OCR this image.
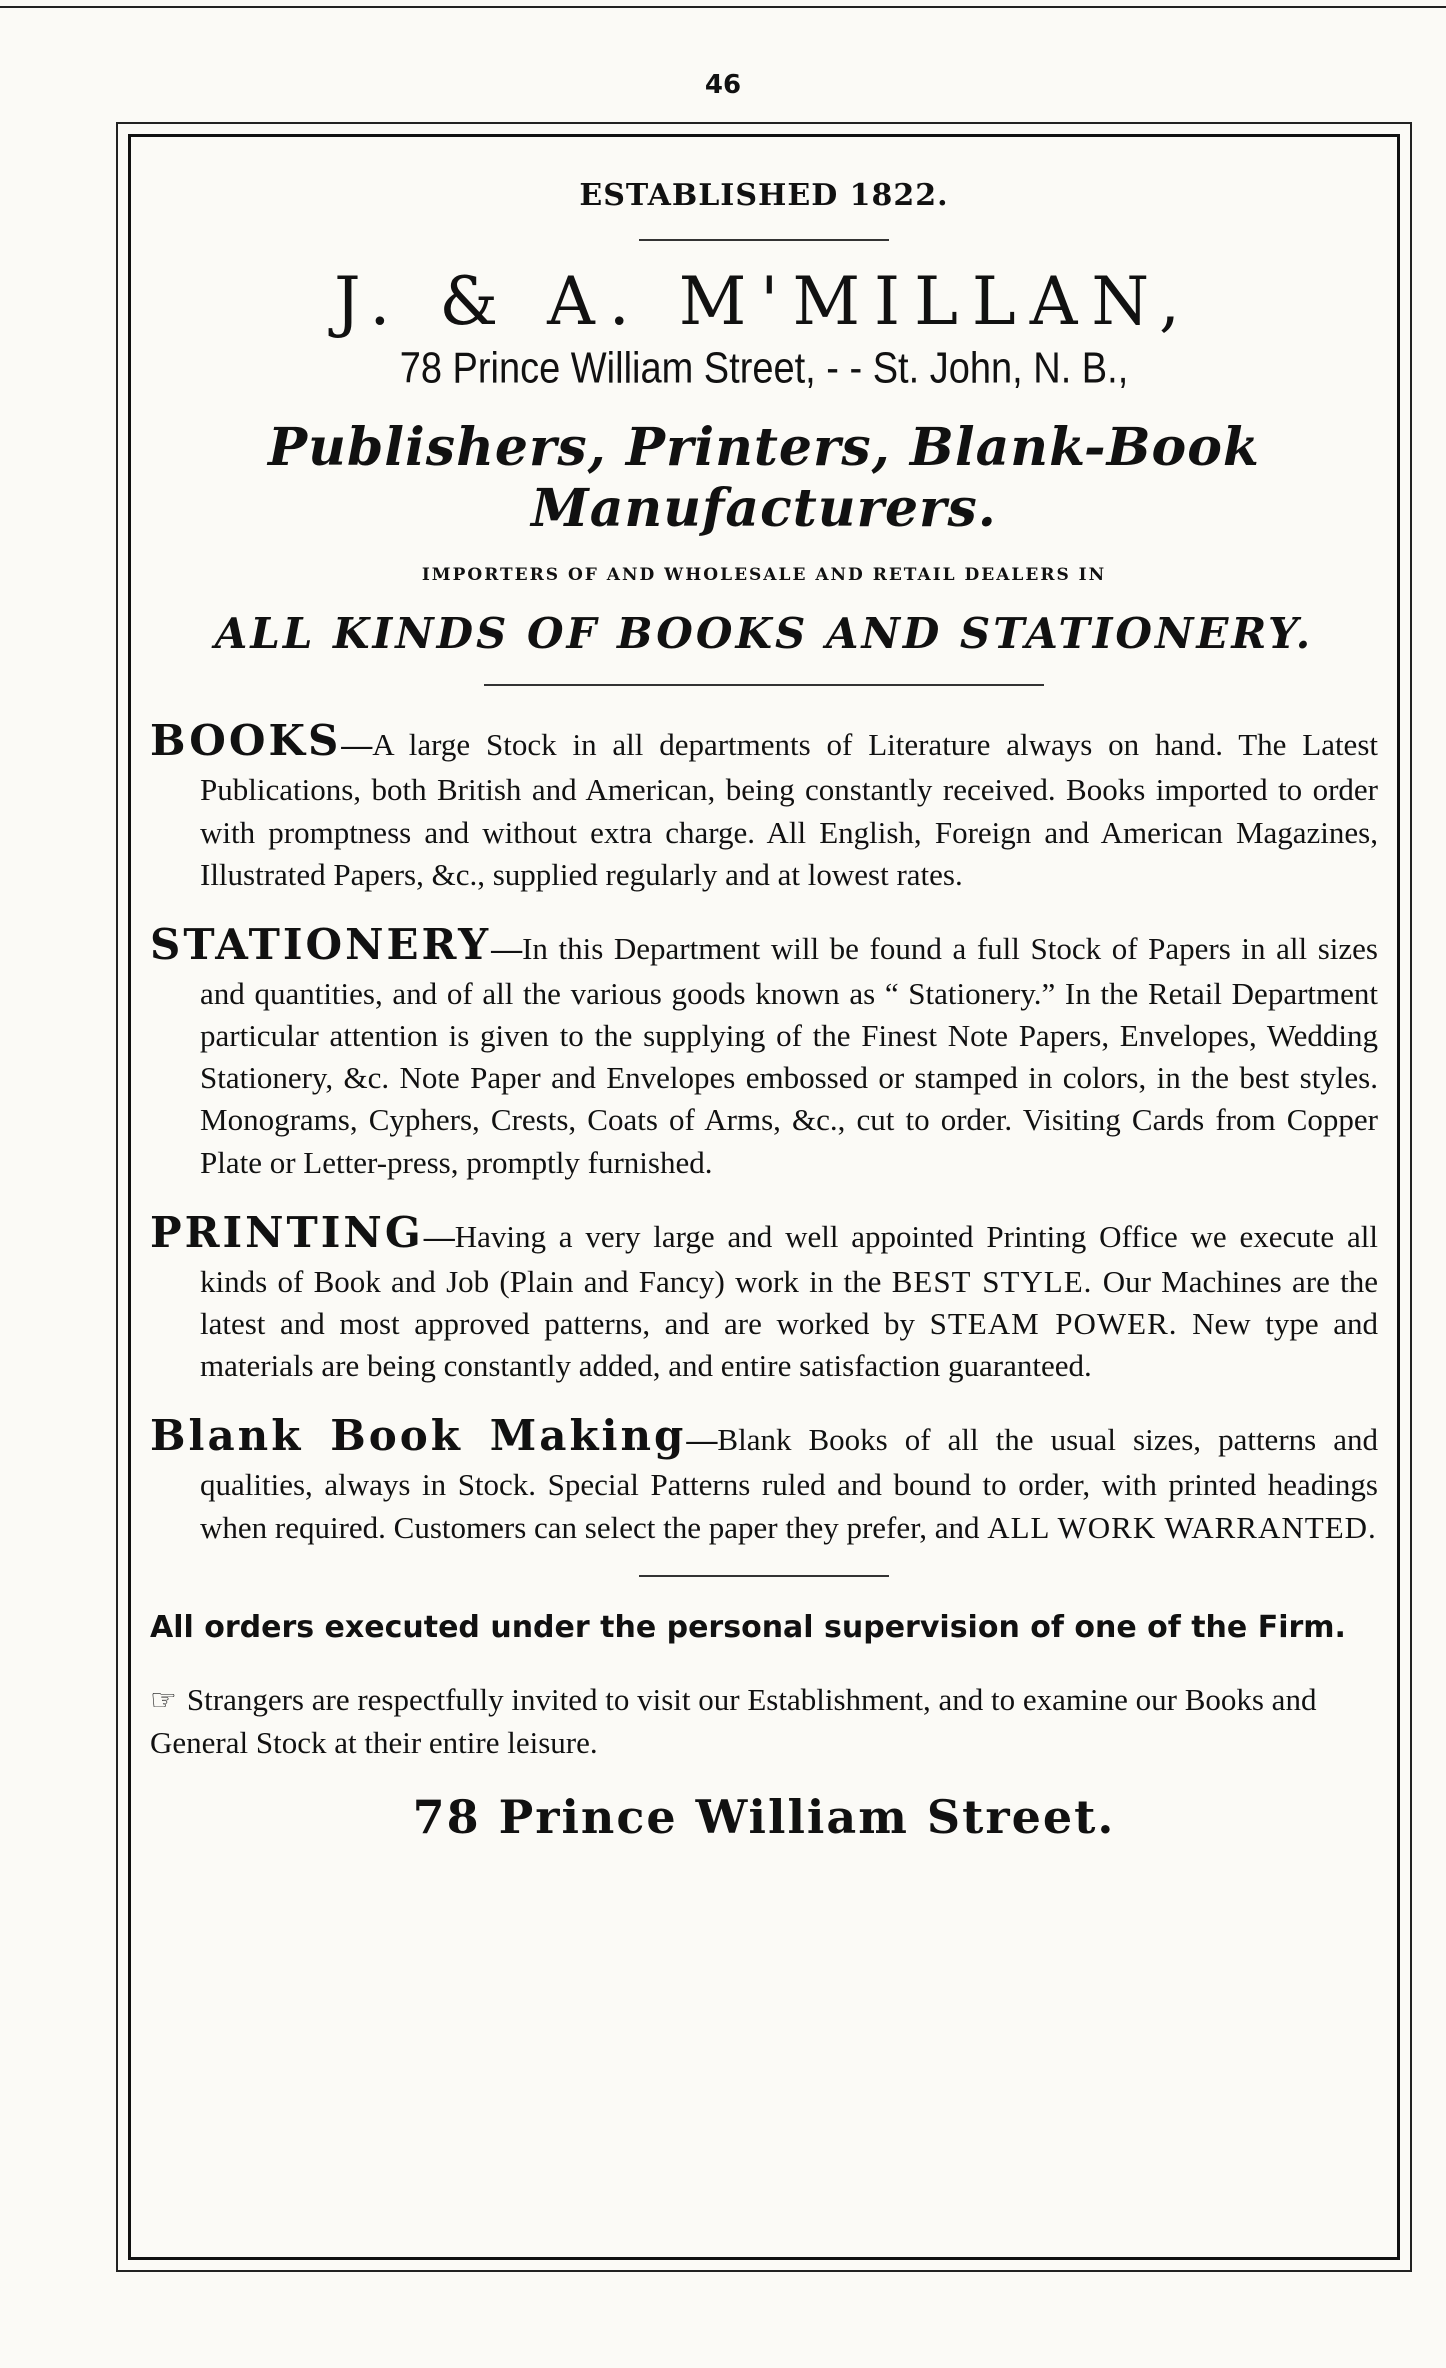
46
ESTABLISHED 1822.
J. & A. M'MILLAN,
78 Prince William Street, - - St. John, N. B.,
Publishers, Printers, Blank-Book Manufacturers.
IMPORTERS OF AND WHOLESALE AND RETAIL DEALERS IN
ALL KINDS OF BOOKS AND STATIONERY.
BOOKS—A large Stock in all departments of Literature always on hand. The Latest Publications, both British and American, being constantly received. Books imported to order with promptness and without extra charge. All English, Foreign and American Magazines, Illustrated Papers, &c., supplied regularly and at lowest rates.
STATIONERY—In this Department will be found a full Stock of Papers in all sizes and quantities, and of all the various goods known as “ Stationery.” In the Retail Department particular attention is given to the supplying of the Finest Note Papers, Envelopes, Wedding Stationery, &c. Note Paper and Envelopes embossed or stamped in colors, in the best styles. Monograms, Cyphers, Crests, Coats of Arms, &c., cut to order. Visiting Cards from Copper Plate or Letter-press, promptly furnished.
PRINTING—Having a very large and well appointed Printing Office we execute all kinds of Book and Job (Plain and Fancy) work in the BEST STYLE. Our Machines are the latest and most approved patterns, and are worked by STEAM POWER. New type and materials are being constantly added, and entire satisfaction guaranteed.
Blank Book Making—Blank Books of all the usual sizes, patterns and qualities, always in Stock. Special Patterns ruled and bound to order, with printed headings when required. Customers can select the paper they prefer, and ALL WORK WARRANTED.
All orders executed under the personal supervision of one of the Firm.
☞ Strangers are respectfully invited to visit our Establishment, and to examine our Books and General Stock at their entire leisure.
78 Prince William Street.
